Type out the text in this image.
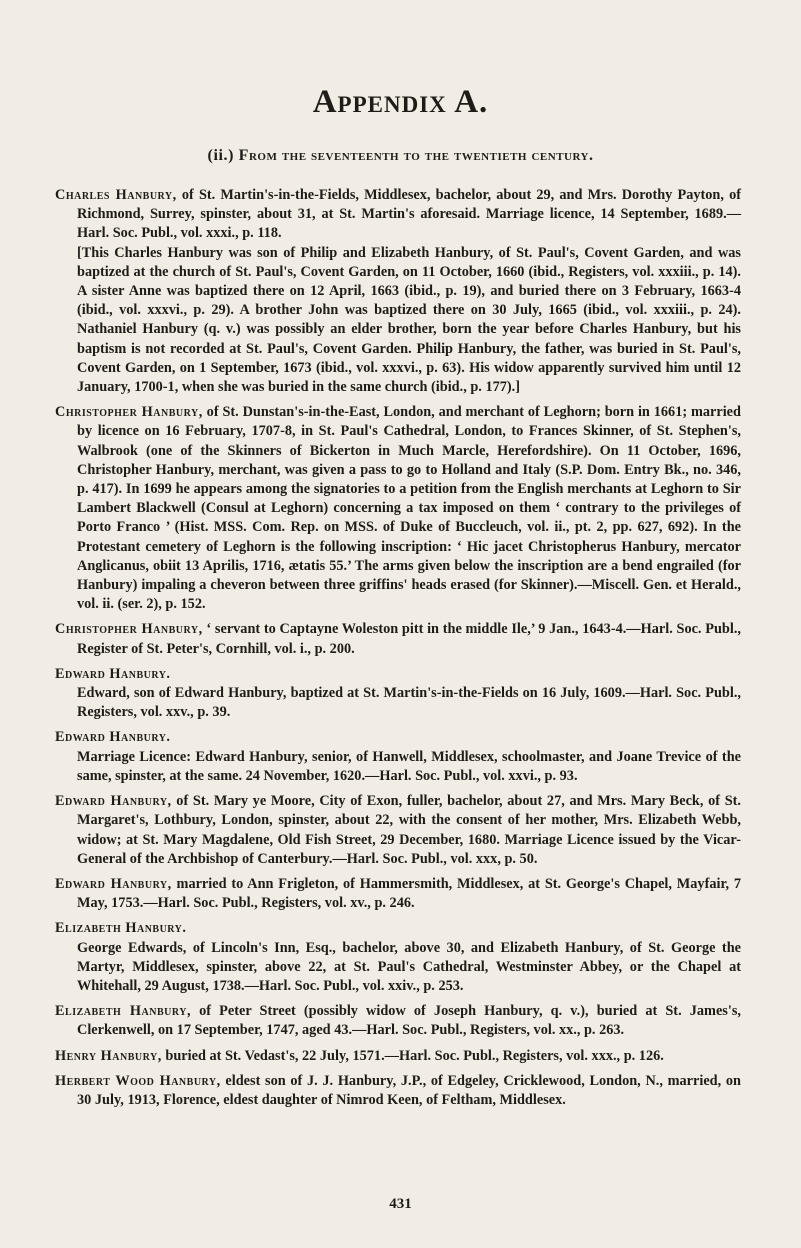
Appendix A.
(ii.) From the seventeenth to the twentieth century.
Charles Hanbury, of St. Martin's-in-the-Fields, Middlesex, bachelor, about 29, and Mrs. Dorothy Payton, of Richmond, Surrey, spinster, about 31, at St. Martin's aforesaid. Marriage licence, 14 September, 1689.—Harl. Soc. Publ., vol. xxxi., p. 118.

[This Charles Hanbury was son of Philip and Elizabeth Hanbury, of St. Paul's, Covent Garden, and was baptized at the church of St. Paul's, Covent Garden, on 11 October, 1660 (ibid., Registers, vol. xxxiii., p. 14). A sister Anne was baptized there on 12 April, 1663 (ibid., p. 19), and buried there on 3 February, 1663-4 (ibid., vol. xxxvi., p. 29). A brother John was baptized there on 30 July, 1665 (ibid., vol. xxxiii., p. 24). Nathaniel Hanbury (q. v.) was possibly an elder brother, born the year before Charles Hanbury, but his baptism is not recorded at St. Paul's, Covent Garden. Philip Hanbury, the father, was buried in St. Paul's, Covent Garden, on 1 September, 1673 (ibid., vol. xxxvi., p. 63). His widow apparently survived him until 12 January, 1700-1, when she was buried in the same church (ibid., p. 177).]

Christopher Hanbury, of St. Dunstan's-in-the-East, London, and merchant of Leghorn; born in 1661; married by licence on 16 February, 1707-8, in St. Paul's Cathedral, London, to Frances Skinner, of St. Stephen's, Walbrook (one of the Skinners of Bickerton in Much Marcle, Herefordshire). On 11 October, 1696, Christopher Hanbury, merchant, was given a pass to go to Holland and Italy (S.P. Dom. Entry Bk., no. 346, p. 417). In 1699 he appears among the signatories to a petition from the English merchants at Leghorn to Sir Lambert Blackwell (Consul at Leghorn) concerning a tax imposed on them ‘ contrary to the privileges of Porto Franco ’ (Hist. MSS. Com. Rep. on MSS. of Duke of Buccleuch, vol. ii., pt. 2, pp. 627, 692). In the Protestant cemetery of Leghorn is the following inscription: ‘ Hic jacet Christopherus Hanbury, mercator Anglicanus, obiit 13 Aprilis, 1716, ætatis 55.’ The arms given below the inscription are a bend engrailed (for Hanbury) impaling a cheveron between three griffins' heads erased (for Skinner).—Miscell. Gen. et Herald., vol. ii. (ser. 2), p. 152.
Christopher Hanbury, ‘ servant to Captayne Woleston pitt in the middle Ile,’ 9 Jan., 1643-4.—Harl. Soc. Publ., Register of St. Peter's, Cornhill, vol. i., p. 200.
Edward Hanbury.

Edward, son of Edward Hanbury, baptized at St. Martin's-in-the-Fields on 16 July, 1609.—Harl. Soc. Publ., Registers, vol. xxv., p. 39.

Edward Hanbury.

Marriage Licence: Edward Hanbury, senior, of Hanwell, Middlesex, schoolmaster, and Joane Trevice of the same, spinster, at the same. 24 November, 1620.—Harl. Soc. Publ., vol. xxvi., p. 93.

Edward Hanbury, of St. Mary ye Moore, City of Exon, fuller, bachelor, about 27, and Mrs. Mary Beck, of St. Margaret's, Lothbury, London, spinster, about 22, with the consent of her mother, Mrs. Elizabeth Webb, widow; at St. Mary Magdalene, Old Fish Street, 29 December, 1680. Marriage Licence issued by the Vicar-General of the Archbishop of Canterbury.—Harl. Soc. Publ., vol. xxx, p. 50.
Edward Hanbury, married to Ann Frigleton, of Hammersmith, Middlesex, at St. George's Chapel, Mayfair, 7 May, 1753.—Harl. Soc. Publ., Registers, vol. xv., p. 246.
Elizabeth Hanbury.

George Edwards, of Lincoln's Inn, Esq., bachelor, above 30, and Elizabeth Hanbury, of St. George the Martyr, Middlesex, spinster, above 22, at St. Paul's Cathedral, Westminster Abbey, or the Chapel at Whitehall, 29 August, 1738.—Harl. Soc. Publ., vol. xxiv., p. 253.

Elizabeth Hanbury, of Peter Street (possibly widow of Joseph Hanbury, q. v.), buried at St. James's, Clerkenwell, on 17 September, 1747, aged 43.—Harl. Soc. Publ., Registers, vol. xx., p. 263.
Henry Hanbury, buried at St. Vedast's, 22 July, 1571.—Harl. Soc. Publ., Registers, vol. xxx., p. 126.
Herbert Wood Hanbury, eldest son of J. J. Hanbury, J.P., of Edgeley, Cricklewood, London, N., married, on 30 July, 1913, Florence, eldest daughter of Nimrod Keen, of Feltham, Middlesex.
431
